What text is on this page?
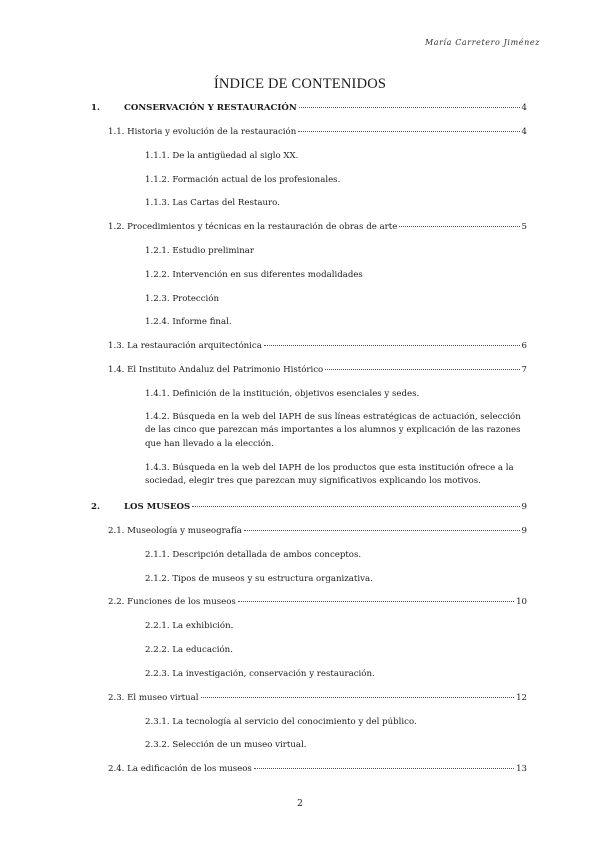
María Carretero Jiménez
ÍNDICE DE CONTENIDOS
1.	CONSERVACIÓN Y RESTAURACIÓN	4
1.1. Historia y evolución de la restauración	4
1.1.1. De la antigüedad al siglo XX.
1.1.2. Formación actual de los profesionales.
1.1.3. Las Cartas del Restauro.
1.2. Procedimientos y técnicas en la restauración de obras de arte	5
1.2.1. Estudio preliminar
1.2.2. Intervención en sus diferentes modalidades
1.2.3. Protección
1.2.4. Informe final.
1.3. La restauración arquitectónica	6
1.4. El Instituto Andaluz del Patrimonio Histórico	7
1.4.1. Definición de la institución, objetivos esenciales y sedes.
1.4.2. Búsqueda en la web del IAPH de sus líneas estratégicas de actuación, selección de las cinco que parezcan más importantes a los alumnos y explicación de las razones que han llevado a la elección.
1.4.3. Búsqueda en la web del IAPH de los productos que esta institución ofrece a la sociedad, elegir tres que parezcan muy significativos explicando los motivos.
2.	LOS MUSEOS	9
2.1. Museología y museografía	9
2.1.1. Descripción detallada de ambos conceptos.
2.1.2. Tipos de museos y su estructura organizativa.
2.2. Funciones de los museos	10
2.2.1. La exhibición.
2.2.2. La educación.
2.2.3. La investigación, conservación y restauración.
2.3. El museo virtual	12
2.3.1. La tecnología al servicio del conocimiento y del público.
2.3.2. Selección de un museo virtual.
2.4. La edificación de los museos	13
2
